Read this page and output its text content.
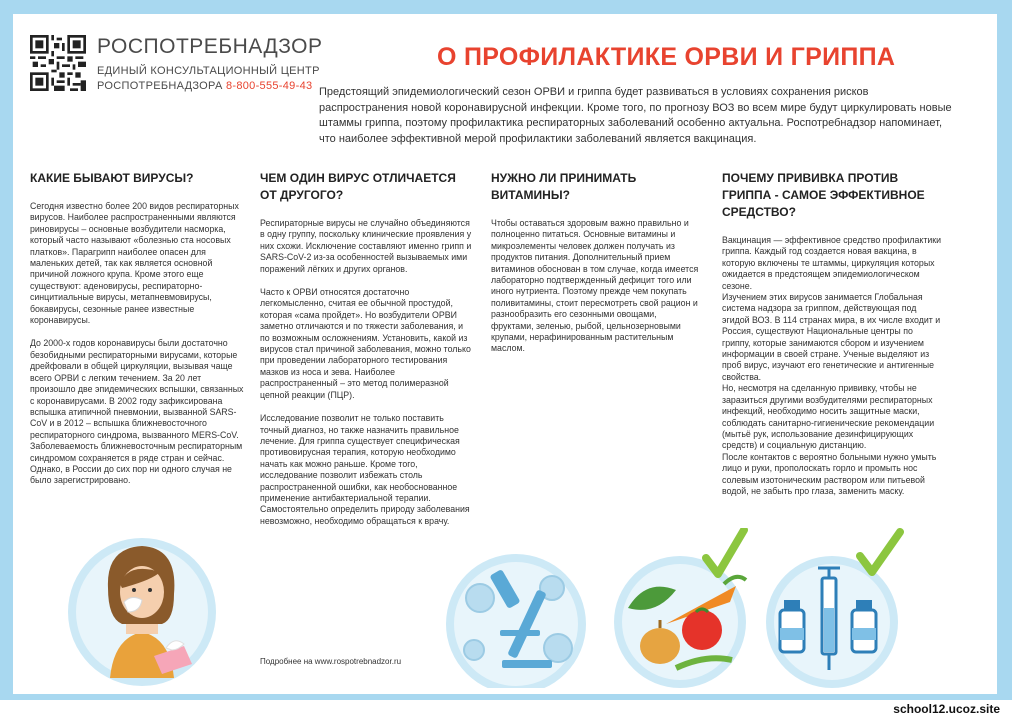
РОСПОТРЕБНАДЗОР
ЕДИНЫЙ КОНСУЛЬТАЦИОННЫЙ ЦЕНТР
РОСПОТРЕБНАДЗОРА 8-800-555-49-43
О ПРОФИЛАКТИКЕ ОРВИ И ГРИППА
Предстоящий эпидемиологический сезон ОРВИ и гриппа будет развиваться в условиях сохранения рисков распространения новой коронавирусной инфекции. Кроме того, по прогнозу ВОЗ во всем мире будут циркулировать новые штаммы гриппа, поэтому профилактика респираторных заболеваний особенно актуальна. Роспотребнадзор напоминает, что наиболее эффективной мерой профилактики заболеваний является вакцинация.
КАКИЕ БЫВАЮТ ВИРУСЫ?

Сегодня известно более 200 видов респираторных вирусов. Наиболее распространенными являются риновирусы – основные возбудители насморка, который часто называют «болезнью ста носовых платков». Парагрипп наиболее опасен для маленьких детей, так как является основной причиной ложного крупа. Кроме этого еще существуют: аденовирусы, респираторно-синцитиальные вирусы, метапневмовирусы, бокавирусы, сезонные ранее известные коронавирусы.

До 2000-х годов коронавирусы были достаточно безобидными респираторными вирусами, которые дрейфовали в общей циркуляции, вызывая чаще всего ОРВИ с легким течением. За 20 лет произошло две эпидемических вспышки, связанных с коронавирусами. В 2002 году зафиксирована вспышка атипичной пневмонии, вызванной SARS-CoV и в 2012 – вспышка ближневосточного респираторного синдрома, вызванного MERS-CoV. Заболеваемость ближневосточным респираторным синдромом сохраняется в ряде стран и сейчас. Однако, в России до сих пор ни одного случая не было зарегистрировано.

ЧЕМ ОДИН ВИРУС ОТЛИЧАЕТСЯ ОТ ДРУГОГО?

Респираторные вирусы не случайно объединяются в одну группу, поскольку клинические проявления у них схожи. Исключение составляют именно грипп и SARS-CoV-2 из-за особенностей вызываемых ими поражений лёгких и других органов.

Часто к ОРВИ относятся достаточно легкомысленно, считая ее обычной простудой, которая «сама пройдет». Но возбудители ОРВИ заметно отличаются и по тяжести заболевания, и по возможным осложнениям. Установить, какой из вирусов стал причиной заболевания, можно только при проведении лабораторного тестирования мазков из носа и зева. Наиболее распространенный – это метод полимеразной цепной реакции (ПЦР).

Исследование позволит не только поставить точный диагноз, но также назначить правильное лечение. Для гриппа существует специфическая противовирусная терапия, которую необходимо начать как можно раньше. Кроме того, исследование позволит избежать столь распространенной ошибки, как необоснованное применение антибактериальной терапии. Самостоятельно определить природу заболевания невозможно, необходимо обращаться к врачу.

НУЖНО ЛИ ПРИНИМАТЬ ВИТАМИНЫ?

Чтобы оставаться здоровым важно правильно и полноценно питаться. Основные витамины и микроэлементы человек должен получать из продуктов питания. Дополнительный прием витаминов обоснован в том случае, когда имеется лабораторно подтвержденный дефицит того или иного нутриента. Поэтому прежде чем покупать поливитамины, стоит пересмотреть свой рацион и разнообразить его сезонными овощами, фруктами, зеленью, рыбой, цельнозерновыми крупами, нерафинированным растительным маслом.

ПОЧЕМУ ПРИВИВКА ПРОТИВ ГРИППА - САМОЕ ЭФФЕКТИВНОЕ СРЕДСТВО?

Вакцинация — эффективное средство профилактики гриппа. Каждый год создается новая вакцина, в которую включены те штаммы, циркуляция которых ожидается в предстоящем эпидемиологическом сезоне.

Изучением этих вирусов занимается Глобальная система надзора за гриппом, действующая под эгидой ВОЗ. В 114 странах мира, в их числе входит и Россия, существуют Национальные центры по гриппу, которые занимаются сбором и изучением информации в своей стране. Ученые выделяют из проб вирус, изучают его генетические и антигенные свойства.

Но, несмотря на сделанную прививку, чтобы не заразиться другими возбудителями респираторных инфекций, необходимо носить защитные маски, соблюдать санитарно-гигиенические рекомендации (мытьё рук, использование дезинфицирующих средств) и социальную дистанцию.

После контактов с вероятно больными нужно умыть лицо и руки, прополоскать горло и промыть нос солевым изотоническим раствором или питьевой водой, не забыть про глаза, заменить маску.

Подробнее на www.rospotrebnadzor.ru
school12.ucoz.site
